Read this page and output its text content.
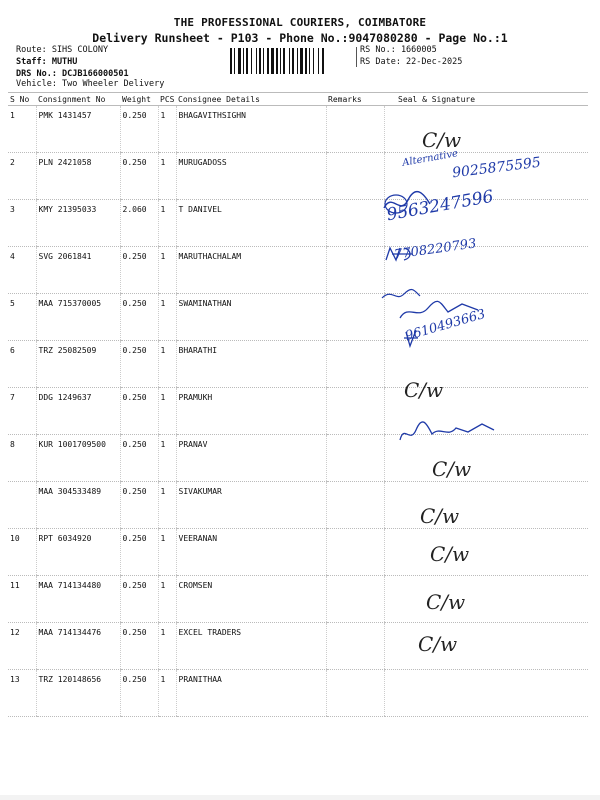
THE PROFESSIONAL COURIERS, COIMBATORE
Delivery Runsheet - P103 - Phone No.:9047080280 - Page No.:1
Route: SIHS COLONY
Staff: MUTHU
DRS No.: DCJB166000501
Vehicle: Two Wheeler Delivery
RS No.: 1660005
RS Date: 22-Dec-2025
S No	Consignment No	Weight	PCS	Consignee Details	Remarks	Seal & Signature
1	PMK 1431457	0.250	1	BHAGAVITHSIGHN		
2	PLN 2421058	0.250	1	MURUGADOSS		
3	KMY 21395033	2.060	1	T DANIVEL		
4	SVG 2061841	0.250	1	MARUTHACHALAM		
5	MAA 715370005	0.250	1	SWAMINATHAN		
6	TRZ 25082509	0.250	1	BHARATHI		
7	DDG 1249637	0.250	1	PRAMUKH		
8	KUR 1001709500	0.250	1	PRANAV		
	MAA 304533489	0.250	1	SIVAKUMAR		
10	RPT 6034920	0.250	1	VEERANAN		
11	MAA 714134480	0.250	1	CROMSEN		
12	MAA 714134476	0.250	1	EXCEL TRADERS		
13	TRZ 120148656	0.250	1	PRANITHAA		
C/w
Alternative
9025875595
9563247596
7708220793
9610493663
C/w
C/w
C/w
C/w
C/w
C/w
